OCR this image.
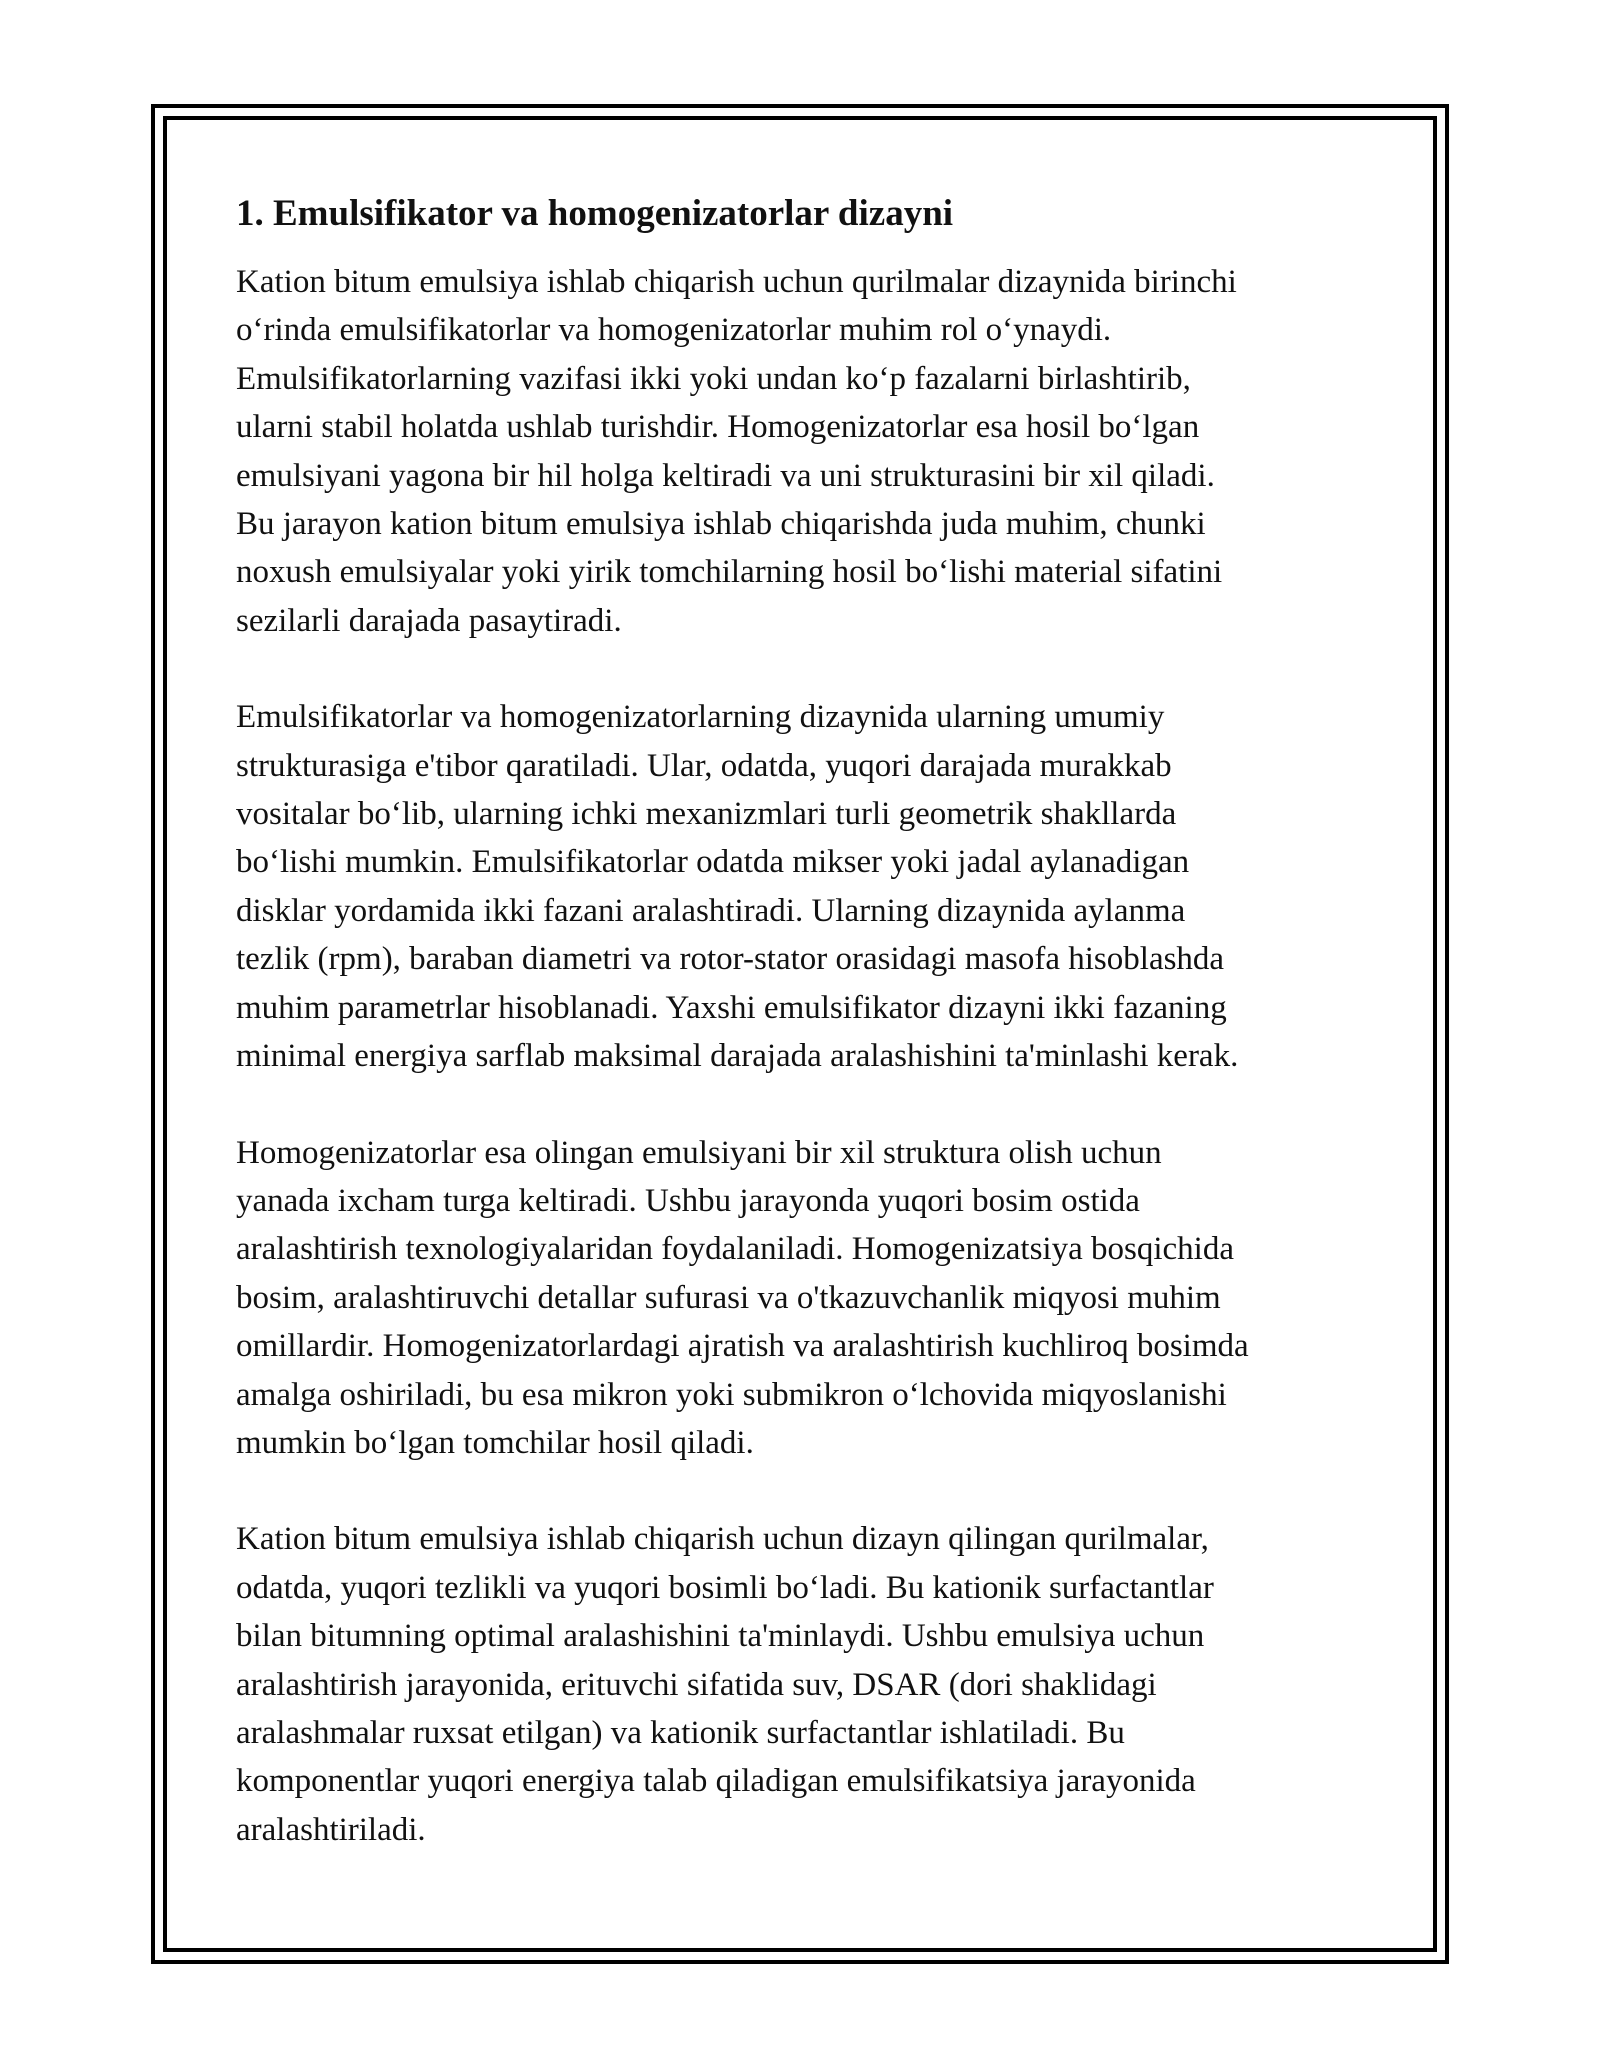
1. Emulsifikator va homogenizatorlar dizayni
Kation bitum emulsiya ishlab chiqarish uchun qurilmalar dizaynida birinchi
o‘rinda emulsifikatorlar va homogenizatorlar muhim rol o‘ynaydi.
Emulsifikatorlarning vazifasi ikki yoki undan ko‘p fazalarni birlashtirib,
ularni stabil holatda ushlab turishdir. Homogenizatorlar esa hosil bo‘lgan
emulsiyani yagona bir hil holga keltiradi va uni strukturasini bir xil qiladi.
Bu jarayon kation bitum emulsiya ishlab chiqarishda juda muhim, chunki
noxush emulsiyalar yoki yirik tomchilarning hosil bo‘lishi material sifatini
sezilarli darajada pasaytiradi.
Emulsifikatorlar va homogenizatorlarning dizaynida ularning umumiy
strukturasiga e'tibor qaratiladi. Ular, odatda, yuqori darajada murakkab
vositalar bo‘lib, ularning ichki mexanizmlari turli geometrik shakllarda
bo‘lishi mumkin. Emulsifikatorlar odatda mikser yoki jadal aylanadigan
disklar yordamida ikki fazani aralashtiradi. Ularning dizaynida aylanma
tezlik (rpm), baraban diametri va rotor-stator orasidagi masofa hisoblashda
muhim parametrlar hisoblanadi. Yaxshi emulsifikator dizayni ikki fazaning
minimal energiya sarflab maksimal darajada aralashishini ta'minlashi kerak.
Homogenizatorlar esa olingan emulsiyani bir xil struktura olish uchun
yanada ixcham turga keltiradi. Ushbu jarayonda yuqori bosim ostida
aralashtirish texnologiyalaridan foydalaniladi. Homogenizatsiya bosqichida
bosim, aralashtiruvchi detallar sufurasi va o'tkazuvchanlik miqyosi muhim
omillardir. Homogenizatorlardagi ajratish va aralashtirish kuchliroq bosimda
amalga oshiriladi, bu esa mikron yoki submikron o‘lchovida miqyoslanishi
mumkin bo‘lgan tomchilar hosil qiladi.
Kation bitum emulsiya ishlab chiqarish uchun dizayn qilingan qurilmalar,
odatda, yuqori tezlikli va yuqori bosimli bo‘ladi. Bu kationik surfactantlar
bilan bitumning optimal aralashishini ta'minlaydi. Ushbu emulsiya uchun
aralashtirish jarayonida, erituvchi sifatida suv, DSAR (dori shaklidagi
aralashmalar ruxsat etilgan) va kationik surfactantlar ishlatiladi. Bu
komponentlar yuqori energiya talab qiladigan emulsifikatsiya jarayonida
aralashtiriladi.
